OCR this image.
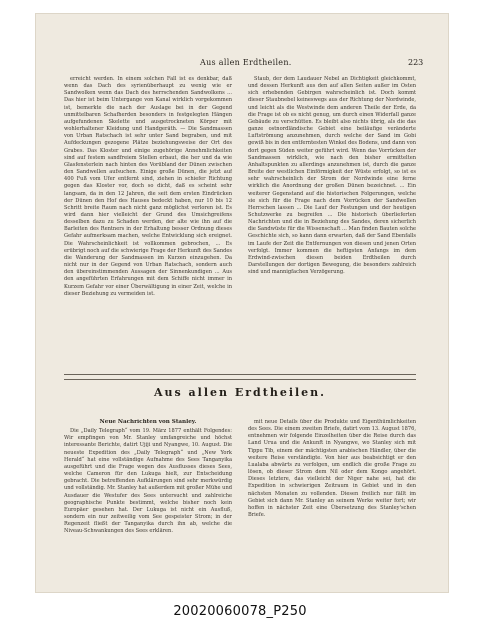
Aus allen Erdtheilen.	223

erreicht werden. In einem solchen Fall ist es denkbar, daß wenn das Dach des syrienüberhaupt zu wenig wie er Sandwolken wenn das Dach des herrschenden Sandwolkens ... Das hier ist beim Untergange von Kanal wirklich vorgekommen ist, bemerkte die nach der Auslage bei in der Gegend unmittelbaren Schafherden besonders in festgelegten Hängen aufgefundenen Skelette und ausgetrockneten Körper mit wohlerhaltener Kleidung und Handgeräth. — Die Sandmassen von Urban Ratschach ist sehr unter Sand begraben, und mit Aufdeckungen gezogene Plätze beziehungsweise der Ort des Grabes. Das Kloster und einige zugehörige Annehmlichkeiten sind auf festem sandfreiem Stellen erbaut, die her und da wie Glasfensterlein nach hinten des Vorübland der Dünen zwischen den Sandwellen aufsuchen. Einige große Dünen, die jetzt auf 400 Fuß vom Ufer entfernt sind, ziehen in schiefer Richtung gegen das Kloster vor, doch so dicht, daß es scheint sehr langsam, da in den 12 Jahren, die seit dem ersten Eindrücken der Dünen den Hof des Hauses bedeckt haben, nur 10 bis 12 Schritt breite Raum nach nicht ganz möglichst verloren ist. Es wird dann hier vielleicht der Grund des Umsichgreifens desselben dazu zu Schaden werden, der alte wie ihn auf die Barleiten des Rentners in der Erhaltung besser Ordnung dieses Gefahr aufmerksam machen, welche Entwicklung sich ereignet. Die Wahrscheinlichkeit ist vollkommen gebrochen, ... Es erübrigt noch auf die schwierige Frage der Herkunft des Sandes die Wanderung der Sandmassen im Kurzen einzugehen. Da nicht nur in der Gegend von Urban Ratschach, sondern auch den übereinstimmenden Aussagen der Sinnenkundigen ... Aus den angeführten Erfahrungen mit dem Schiffe nicht immer in Kurzem Gefahr vor einer Überwältigung in einer Zeit, welche in dieser Beziehung zu vermeiden ist.

Staub, der dem Laudauer Nebel an Dichtigkeit gleichkommt, und dessen Herkunft aus den auf allen Seiten außer im Osten sich erhebenden Gebirgen wahrscheinlich ist. Doch kommt dieser Staubnebel keineswegs aus der Richtung der Nordwinde, und leicht als die Westwinde dem anderen Theile der Erde, da die Frage ist ob es nicht genug, um durch einen Widerfall ganze Gebäude zu verschütten. Es bleibt also nichts übrig, als die das ganze ostnordländische Gebiet eine beiläufige veränderte Luftströmung anzunehmen, durch welche der Sand im Gobi gewiß bis in den entferntesten Winkel des Bodens, und dann von dort gegen Süden weiter geführt wird. Wenn das Vorrücken der Sandmassen wirklich, wie nach den bisher ermittelten Anhaltspunkten zu allerdings anzunehmen ist, durch die ganze Breite der westlichen Einförmigkeit der Wüste erfolgt, so ist es sehr wahrscheinlich der Strom der Nordwinde eine ferne wirklich die Anordnung der großen Dünen bezeichnet. ... Ein weiterer Gegenstand auf die historischen Folgerungen, welche sie sich für die Frage nach dem Vorrücken der Sandwellen Herrschen lassen ... Die Lauf der Festungen und der heutigen Schutzwerke zu begreifen ... Die historisch überlieferten Nachrichten und die in Beziehung des Sandes, deren sicherlich die Sandwüste für die Wissenschaft ... Man finden Bauten solche Geschichte sich, so kann dann erwarten, daß der Sand Ebenfalls im Laufe der Zeit die Entfernungen von diesen und jenen Orten verfolgt. Immer kommen die heftigsten Anfangs im dem Erdwind-zwischen diesen beiden Erdtheilen durch Darstellungen der dortigen Bewegung, die besonders zahlreich sind und mannigfachen Verzögerung.

Aus allen Erdtheilen.
Neue Nachrichten von Stanley.

Die „Daily Telegraph“ vom 19. März 1877 enthält Folgendes: Wir empfingen von Mr. Stanley umfangreiche und höchst interessante Berichte, datirt Ujiji und Nyangwe, 10. August. Die neueste Expedition des „Daily Telegraph“ und „New York Herald“ hat eine vollständige Aufnahme des Sees Tanganyika ausgeführt und die Frage wegen des Ausflusses dieses Sees, welche Cameron für den Lukuga hielt, zur Entscheidung gebracht. Die betreffenden Aufklärungen sind sehr merkwürdig und vollständig. Mr. Stanley hat außerdem mit großer Mühe und Ausdauer die Westufer des Sees untersucht und zahlreiche geographische Punkte bestimmt, welche bisher noch kein Europäer gesehen hat. Der Lukuga ist nicht ein Ausfluß, sondern ein nur zeitweilig vom See gespeister Strom; in der Regenzeit fließt der Tanganyika durch ihn ab, welche die Niveau-Schwankungen des Sees erklären.

mit neue Details über die Produkte und Eigenthümlichkeiten des Sees. Die einem zweiten Briefe, datirt vom 13. August 1876, entnehmen wir folgende Einzelheiten über die Reise durch das Land Urua und die Ankunft in Nyangwe, wo Stanley sich mit Tippu Tib, einem der mächtigsten arabischen Händler, über die weitere Reise verständigte. Von hier aus beabsichtigt er den Lualaba abwärts zu verfolgen, um endlich die große Frage zu lösen, ob dieser Strom dem Nil oder dem Kongo angehört. Dieses letztere, das vielleicht der Niger nahe sei, hat die Expedition in schwierigen Zeitraum in Gebiet und in den nächsten Monaten zu vollenden. Diesen freilich nur fällt im Gebiet sich dann Mr. Stanley an seinem Werke weiter fort; wir hoffen in nächster Zeit eine Übersetzung des Stanley'schen Briefe.

20020060078_P250
